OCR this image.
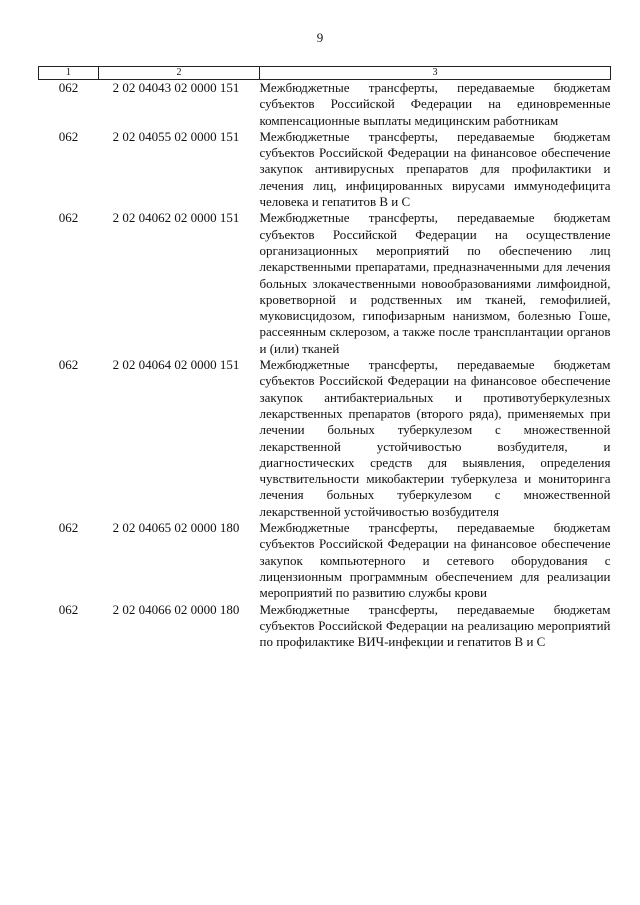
9
1	2	3
062	2 02 04043 02 0000 151	Межбюджетные трансферты, передаваемые бюджетам субъектов Российской Федерации на единовременные компенсационные выплаты медицинским работникам
062	2 02 04055 02 0000 151	Межбюджетные трансферты, передаваемые бюджетам субъектов Российской Федерации на финансовое обеспечение закупок антивирусных препаратов для профилактики и лечения лиц, инфицированных вирусами иммунодефицита человека и гепатитов В и С
062	2 02 04062 02 0000 151	Межбюджетные трансферты, передаваемые бюджетам субъектов Российской Федерации на осуществление организационных мероприятий по обеспечению лиц лекарственными препаратами, предназначенными для лечения больных злокачественными новообразованиями лимфоидной, кроветворной и родственных им тканей, гемофилией, муковисцидозом, гипофизарным нанизмом, болезнью Гоше, рассеянным склерозом, а также после трансплантации органов и (или) тканей
062	2 02 04064 02 0000 151	Межбюджетные трансферты, передаваемые бюджетам субъектов Российской Федерации на финансовое обеспечение закупок антибактериальных и противотуберкулезных лекарственных препаратов (второго ряда), применяемых при лечении больных туберкулезом с множественной лекарственной устойчивостью возбудителя, и диагностических средств для выявления, определения чувствительности микобактерии туберкулеза и мониторинга лечения больных туберкулезом с множественной лекарственной устойчивостью возбудителя
062	2 02 04065 02 0000 180	Межбюджетные трансферты, передаваемые бюджетам субъектов Российской Федерации на финансовое обеспечение закупок компьютерного и сетевого оборудования с лицензионным программным обеспечением для реализации мероприятий по развитию службы крови
062	2 02 04066 02 0000 180	Межбюджетные трансферты, передаваемые бюджетам субъектов Российской Федерации на реализацию мероприятий по профилактике ВИЧ-инфекции и гепатитов В и С
